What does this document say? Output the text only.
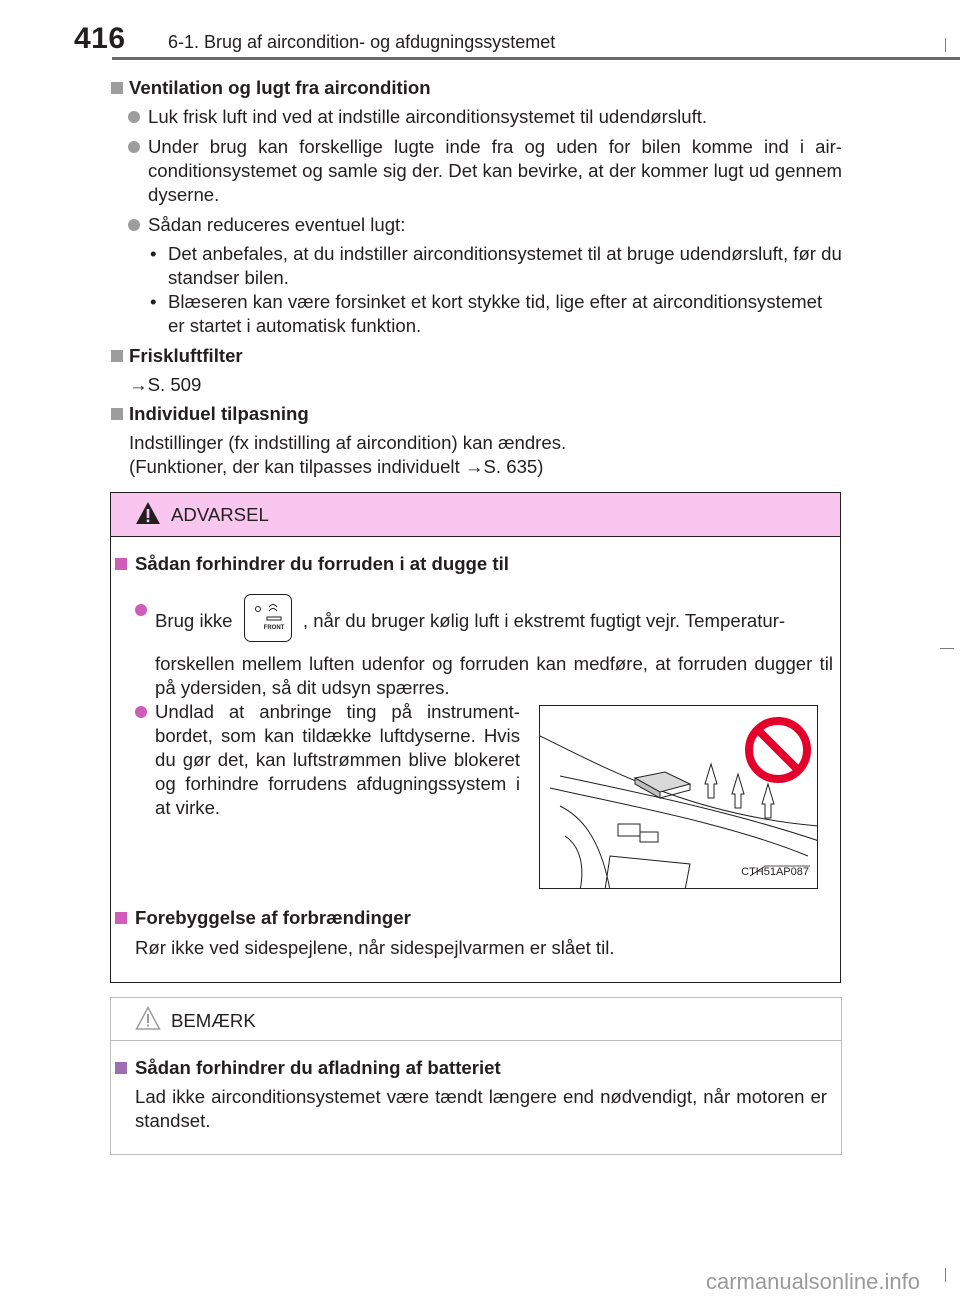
416 6-1. Brug af aircondition- og afdugningssystemet
Ventilation og lugt fra aircondition
Luk frisk luft ind ved at indstille airconditionsystemet til udendørsluft.
Under brug kan forskellige lugte inde fra og uden for bilen komme ind i airconditionsystemet og samle sig der. Det kan bevirke, at der kommer lugt ud gennem dyserne.
Sådan reduceres eventuel lugt:
• Det anbefales, at du indstiller airconditionsystemet til at bruge udendørsluft, før du standser bilen.
• Blæseren kan være forsinket et kort stykke tid, lige efter at airconditionsystemet er startet i automatisk funktion.
Friskluftfilter
→S. 509
Individuel tilpasning
Indstillinger (fx indstilling af aircondition) kan ændres.
(Funktioner, der kan tilpasses individuelt →S. 635)
ADVARSEL
Sådan forhindrer du forruden i at dugge til
Brug ikke	FRONT , når du bruger kølig luft i ekstremt fugtigt vejr. Temperatur-
forskellen mellem luften udenfor og forruden kan medføre, at forruden dugger til på ydersiden, så dit udsyn spærres.
Undlad at anbringe ting på instrumentbordet, som kan tildække luftdyserne. Hvis du gør det, kan luftstrømmen blive blokeret og forhindre forrudens afdugningssystem i at virke.
CTH51AP087
Forebyggelse af forbrændinger
Rør ikke ved sidespejlene, når sidespejlvarmen er slået til.
BEMÆRK
Sådan forhindrer du afladning af batteriet
Lad ikke airconditionsystemet være tændt længere end nødvendigt, når motoren er standset.
carmanualsonline.info
